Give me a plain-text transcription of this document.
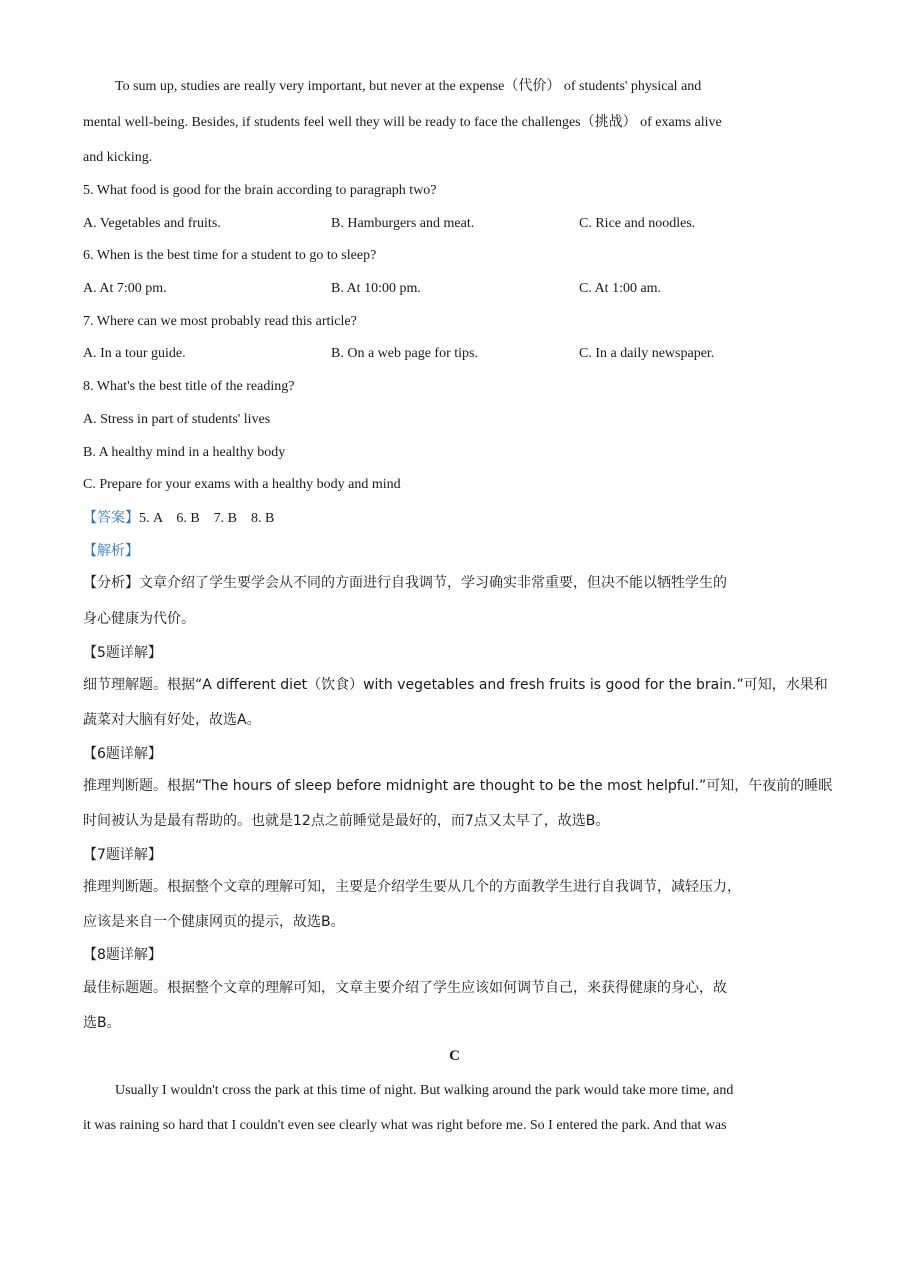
To sum up, studies are really very important, but never at the expense（代价） of students' physical and
mental well-being. Besides, if students feel well they will be ready to face the challenges（挑战） of exams alive
and kicking.
5. What food is good for the brain according to paragraph two?
A. Vegetables and fruits.	B. Hamburgers and meat.	C. Rice and noodles.
6. When is the best time for a student to go to sleep?
A. At 7:00 pm.	B. At 10:00 pm.	C. At 1:00 am.
7. Where can we most probably read this article?
A. In a tour guide.	B. On a web page for tips.	C. In a daily newspaper.
8. What's the best title of the reading?
A. Stress in part of students' lives
B. A healthy mind in a healthy body
C. Prepare for your exams with a healthy body and mind
【答案】5. A　6. B　7. B　8. B
【解析】
【分析】文章介绍了学生要学会从不同的方面进行自我调节，学习确实非常重要，但决不能以牺牲学生的
身心健康为代价。
【5题详解】
细节理解题。根据“A different diet（饮食）with vegetables and fresh fruits is good for the brain.”可知，水果和
蔬菜对大脑有好处，故选A。
【6题详解】
推理判断题。根据“The hours of sleep before midnight are thought to be the most helpful.”可知，午夜前的睡眠
时间被认为是最有帮助的。也就是12点之前睡觉是最好的，而7点又太早了，故选B。
【7题详解】
推理判断题。根据整个文章的理解可知，主要是介绍学生要从几个的方面教学生进行自我调节，减轻压力，
应该是来自一个健康网页的提示，故选B。
【8题详解】
最佳标题题。根据整个文章的理解可知，文章主要介绍了学生应该如何调节自己，来获得健康的身心，故
选B。
C
Usually I wouldn't cross the park at this time of night. But walking around the park would take more time, and
it was raining so hard that I couldn't even see clearly what was right before me. So I entered the park. And that was
